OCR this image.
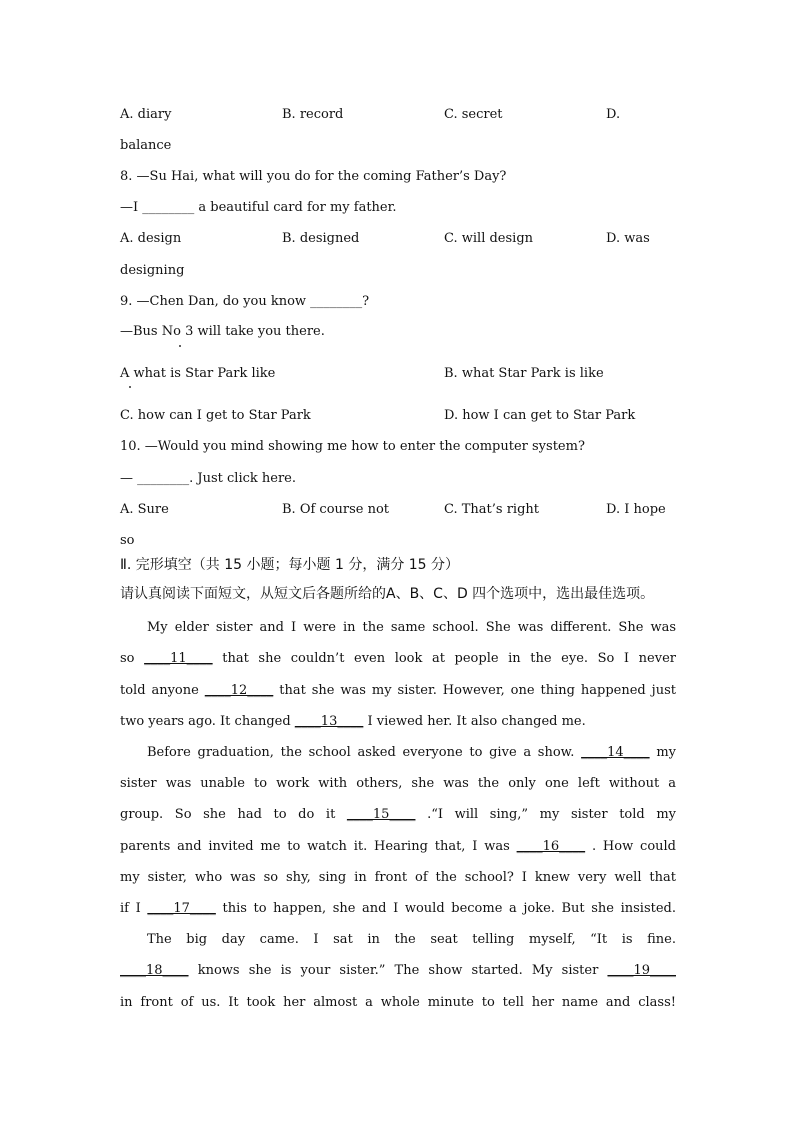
A. diary	B. record	C. secret	D.
balance
8. —Su Hai, what will you do for the coming Father’s Day?
—I ________ a beautiful card for my father.
A. design	B. designed	C. will design	D. was
designing
9. —Chen Dan, do you know ________?
—Bus No 3 will take you there.
A what is Star Park like	B. what Star Park is like
C. how can I get to Star Park	D. how I can get to Star Park
10. —Would you mind showing me how to enter the computer system?
— ________. Just click here.
A. Sure	B. Of course not	C. That’s right	D. I hope
so
Ⅱ. 完形填空（共 15 小题；每小题 1 分，满分 15 分）
请认真阅读下面短文，从短文后各题所给的A、B、C、D 四个选项中，选出最佳选项。
My elder sister and I were in the same school. She was different. She was
so ____11____ that she couldn’t even look at people in the eye. So I never
told anyone ____12____ that she was my sister. However, one thing happened just
two years ago. It changed ____13____ I viewed her. It also changed me.
Before graduation, the school asked everyone to give a show. ____14____ my
sister was unable to work with others, she was the only one left without a
group. So she had to do it ____15____ .“I will sing,” my sister told my
parents and invited me to watch it. Hearing that, I was ____16____ . How could
my sister, who was so shy, sing in front of the school? I knew very well that
if I ____17____ this to happen, she and I would become a joke. But she insisted.
The big day came. I sat in the seat telling myself, “It is fine.
____18____ knows she is your sister.” The show started. My sister ____19____
in front of us. It took her almost a whole minute to tell her name and class!
